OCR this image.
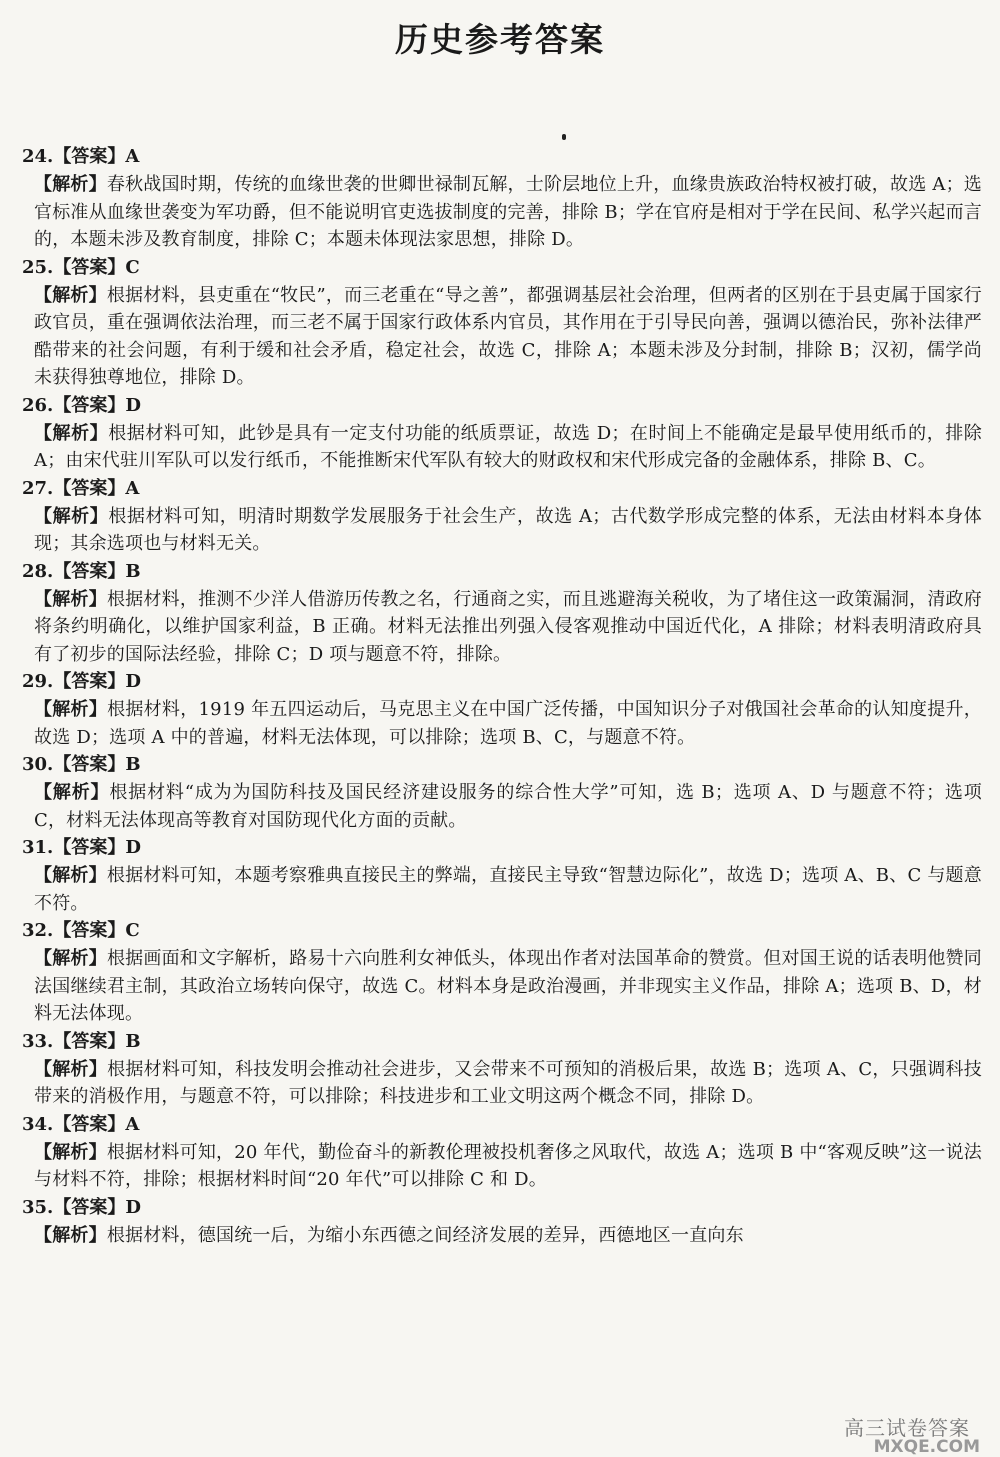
历史参考答案
24.【答案】A
【解析】春秋战国时期，传统的血缘世袭的世卿世禄制瓦解，士阶层地位上升，血缘贵族政治特权被打破，故选 A；选官标准从血缘世袭变为军功爵，但不能说明官吏选拔制度的完善，排除 B；学在官府是相对于学在民间、私学兴起而言的，本题未涉及教育制度，排除 C；本题未体现法家思想，排除 D。
25.【答案】C
【解析】根据材料，县吏重在“牧民”，而三老重在“导之善”，都强调基层社会治理，但两者的区别在于县吏属于国家行政官员，重在强调依法治理，而三老不属于国家行政体系内官员，其作用在于引导民向善，强调以德治民，弥补法律严酷带来的社会问题，有利于缓和社会矛盾，稳定社会，故选 C，排除 A；本题未涉及分封制，排除 B；汉初，儒学尚未获得独尊地位，排除 D。
26.【答案】D
【解析】根据材料可知，此钞是具有一定支付功能的纸质票证，故选 D；在时间上不能确定是最早使用纸币的，排除 A；由宋代驻川军队可以发行纸币，不能推断宋代军队有较大的财政权和宋代形成完备的金融体系，排除 B、C。
27.【答案】A
【解析】根据材料可知，明清时期数学发展服务于社会生产，故选 A；古代数学形成完整的体系，无法由材料本身体现；其余选项也与材料无关。
28.【答案】B
【解析】根据材料，推测不少洋人借游历传教之名，行通商之实，而且逃避海关税收，为了堵住这一政策漏洞，清政府将条约明确化，以维护国家利益，B 正确。材料无法推出列强入侵客观推动中国近代化，A 排除；材料表明清政府具有了初步的国际法经验，排除 C；D 项与题意不符，排除。
29.【答案】D
【解析】根据材料，1919 年五四运动后，马克思主义在中国广泛传播，中国知识分子对俄国社会革命的认知度提升，故选 D；选项 A 中的普遍，材料无法体现，可以排除；选项 B、C，与题意不符。
30.【答案】B
【解析】根据材料“成为为国防科技及国民经济建设服务的综合性大学”可知，选 B；选项 A、D 与题意不符；选项 C，材料无法体现高等教育对国防现代化方面的贡献。
31.【答案】D
【解析】根据材料可知，本题考察雅典直接民主的弊端，直接民主导致“智慧边际化”，故选 D；选项 A、B、C 与题意不符。
32.【答案】C
【解析】根据画面和文字解析，路易十六向胜利女神低头，体现出作者对法国革命的赞赏。但对国王说的话表明他赞同法国继续君主制，其政治立场转向保守，故选 C。材料本身是政治漫画，并非现实主义作品，排除 A；选项 B、D，材料无法体现。
33.【答案】B
【解析】根据材料可知，科技发明会推动社会进步，又会带来不可预知的消极后果，故选 B；选项 A、C，只强调科技带来的消极作用，与题意不符，可以排除；科技进步和工业文明这两个概念不同，排除 D。
34.【答案】A
【解析】根据材料可知，20 年代，勤俭奋斗的新教伦理被投机奢侈之风取代，故选 A；选项 B 中“客观反映”这一说法与材料不符，排除；根据材料时间“20 年代”可以排除 C 和 D。
35.【答案】D
【解析】根据材料，德国统一后，为缩小东西德之间经济发展的差异，西德地区一直向东
高三试卷答案
MXQE.COM
